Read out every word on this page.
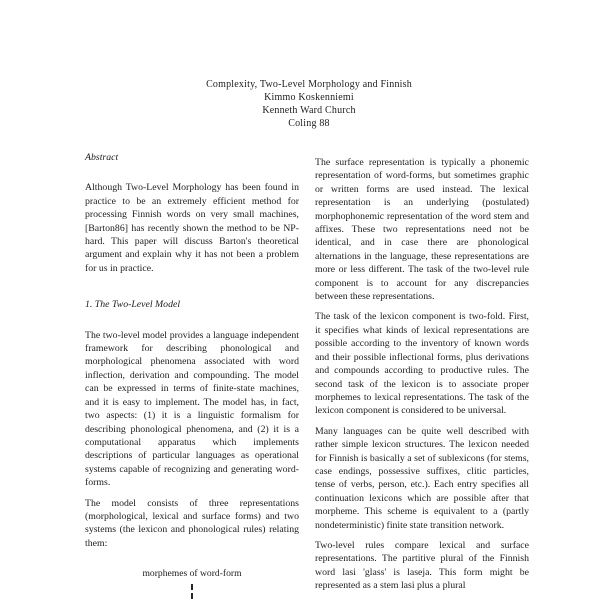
Complexity, Two-Level Morphology and Finnish
Kimmo Koskenniemi
Kenneth Ward Church
Coling 88
Abstract

Although Two-Level Morphology has been found in practice to be an extremely efficient method for processing Finnish words on very small machines, [Barton86] has recently shown the method to be NP-hard. This paper will discuss Barton's theoretical argument and explain why it has not been a problem for us in practice.

1. The Two-Level Model

The two-level model provides a language independent framework for describing phonological and morphological phenomena associated with word inflection, derivation and compounding. The model can be expressed in terms of finite-state machines, and it is easy to implement. The model has, in fact, two aspects: (1) it is a linguistic formalism for describing phonological phenomena, and (2) it is a computational apparatus which implements descriptions of particular languages as operational systems capable of recognizing and generating word-forms.

The model consists of three representations (morphological, lexical and surface forms) and two systems (the lexicon and phonological rules) relating them:

morphemes of word-form

The surface representation is typically a phonemic representation of word-forms, but sometimes graphic or written forms are used instead. The lexical representation is an underlying (postulated) morphophonemic representation of the word stem and affixes. These two representations need not be identical, and in case there are phonological alternations in the language, these representations are more or less different. The task of the two-level rule component is to account for any discrepancies between these representations.

The task of the lexicon component is two-fold. First, it specifies what kinds of lexical representations are possible according to the inventory of known words and their possible inflectional forms, plus derivations and compounds according to productive rules. The second task of the lexicon is to associate proper morphemes to lexical representations. The task of the lexicon component is considered to be universal.

Many languages can be quite well described with rather simple lexicon structures. The lexicon needed for Finnish is basically a set of sublexicons (for stems, case endings, possessive suffixes, clitic particles, tense of verbs, person, etc.). Each entry specifies all continuation lexicons which are possible after that morpheme. This scheme is equivalent to a (partly nondeterministic) finite state transition network.

Two-level rules compare lexical and surface representations. The partitive plural of the Finnish word lasi 'glass' is laseja. This form might be represented as a stem lasi plus a plural
